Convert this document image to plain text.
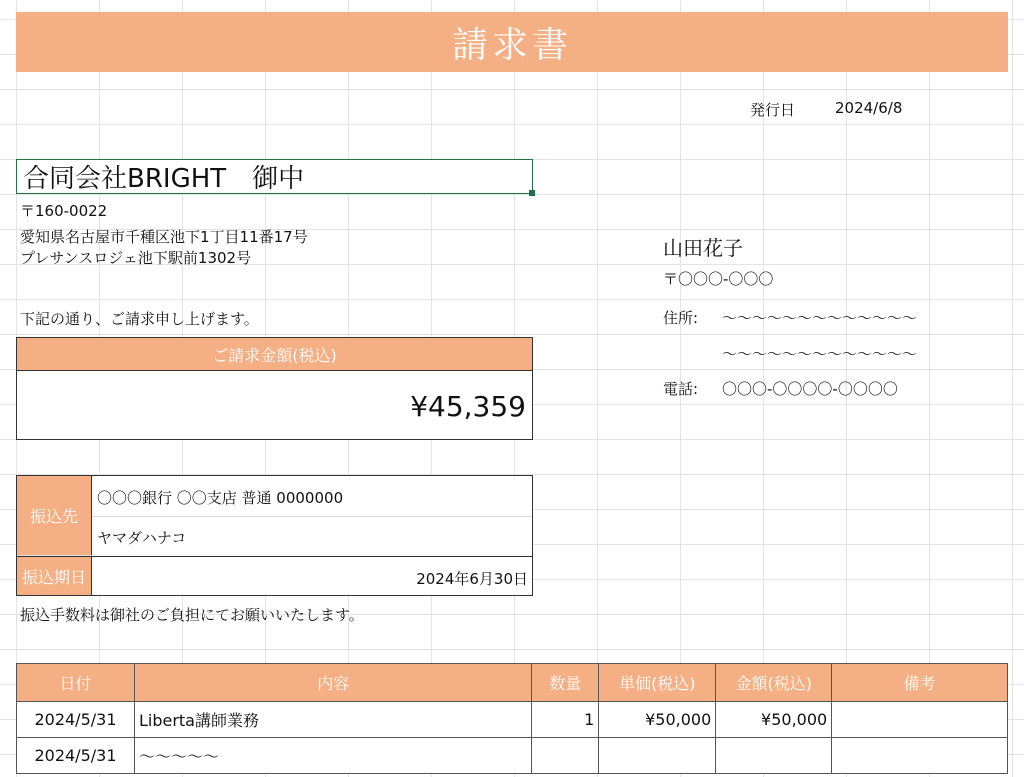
請求書
発行日	2024/6/8
合同会社BRIGHT　御中
〒160-0022
愛知県名古屋市千種区池下1丁目11番17号
プレサンスロジェ池下駅前1302号
下記の通り、ご請求申し上げます。
ご請求金額(税込)
¥45,359
山田花子
〒〇〇〇-〇〇〇
住所: 〜〜〜〜〜〜〜〜〜〜〜〜〜
〜〜〜〜〜〜〜〜〜〜〜〜〜
電話: 〇〇〇-〇〇〇〇-〇〇〇〇
振込先
〇〇〇銀行 〇〇支店 普通 0000000
ヤマダハナコ
振込期日	2024年6月30日
振込手数料は御社のご負担にてお願いいたします。
日付	内容	数量	単価(税込)	金額(税込)	備考
2024/5/31	Liberta講師業務	1	¥50,000	¥50,000	
2024/5/31	〜〜〜〜〜				
